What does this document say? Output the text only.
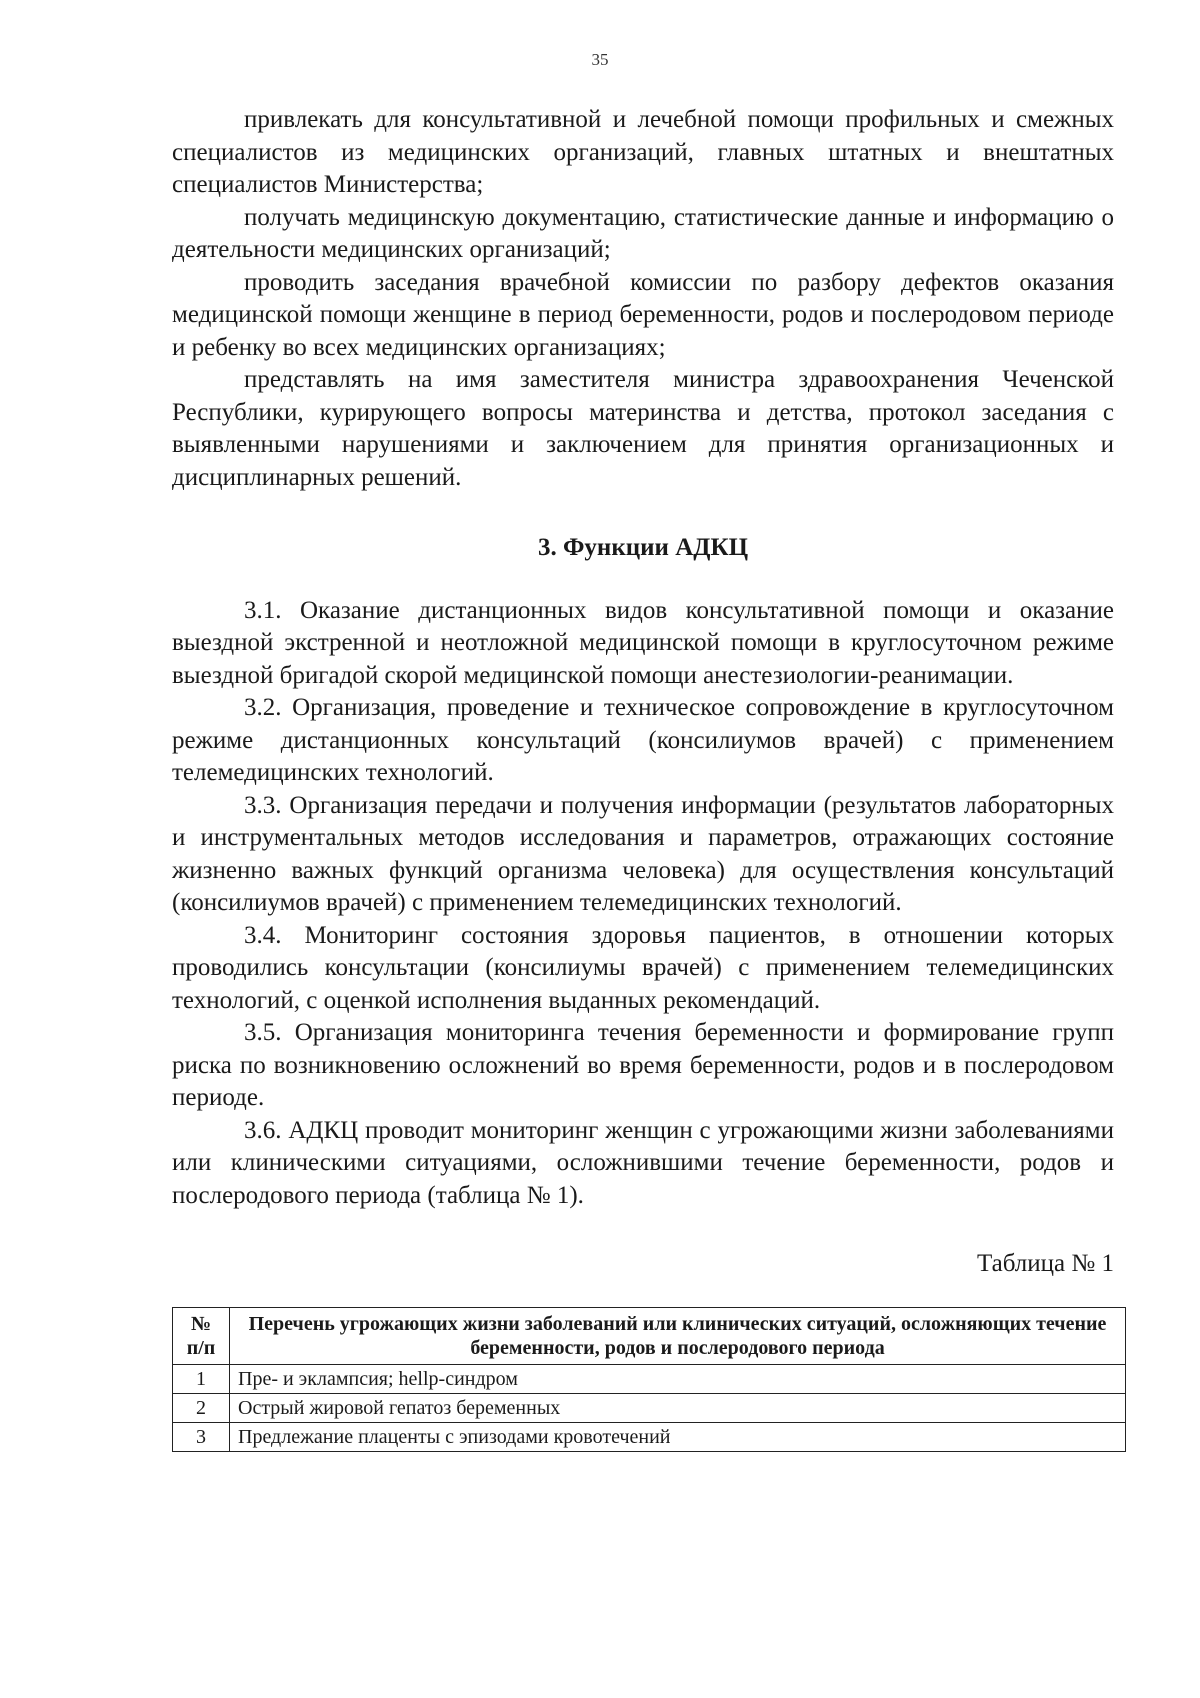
35

привлекать для консультативной и лечебной помощи профильных и смежных специалистов из медицинских организаций, главных штатных и внештатных специалистов Министерства;

получать медицинскую документацию, статистические данные и информацию о деятельности медицинских организаций;

проводить заседания врачебной комиссии по разбору дефектов оказания медицинской помощи женщине в период беременности, родов и послеродовом периоде и ребенку во всех медицинских организациях;

представлять на имя заместителя министра здравоохранения Чеченской Республики, курирующего вопросы материнства и детства, протокол заседания с выявленными нарушениями и заключением для принятия организационных и дисциплинарных решений.

3. Функции АДКЦ

3.1. Оказание дистанционных видов консультативной помощи и оказание выездной экстренной и неотложной медицинской помощи в круглосуточном режиме выездной бригадой скорой медицинской помощи анестезиологии-реанимации.

3.2. Организация, проведение и техническое сопровождение в круглосуточном режиме дистанционных консультаций (консилиумов врачей) с применением телемедицинских технологий.

3.3. Организация передачи и получения информации (результатов лабораторных и инструментальных методов исследования и параметров, отражающих состояние жизненно важных функций организма человека) для осуществления консультаций (консилиумов врачей) с применением телемедицинских технологий.

3.4. Мониторинг состояния здоровья пациентов, в отношении которых проводились консультации (консилиумы врачей) с применением телемедицинских технологий, с оценкой исполнения выданных рекомендаций.

3.5. Организация мониторинга течения беременности и формирование групп риска по возникновению осложнений во время беременности, родов и в послеродовом периоде.

3.6. АДКЦ проводит мониторинг женщин с угрожающими жизни заболеваниями или клиническими ситуациями, осложнившими течение беременности, родов и послеродового периода (таблица № 1).

Таблица № 1
№ п/п	Перечень угрожающих жизни заболеваний или клинических ситуаций, осложняющих течение беременности, родов и послеродового периода
1	Пре- и эклампсия; hellp-синдром
2	Острый жировой гепатоз беременных
3	Предлежание плаценты с эпизодами кровотечений
